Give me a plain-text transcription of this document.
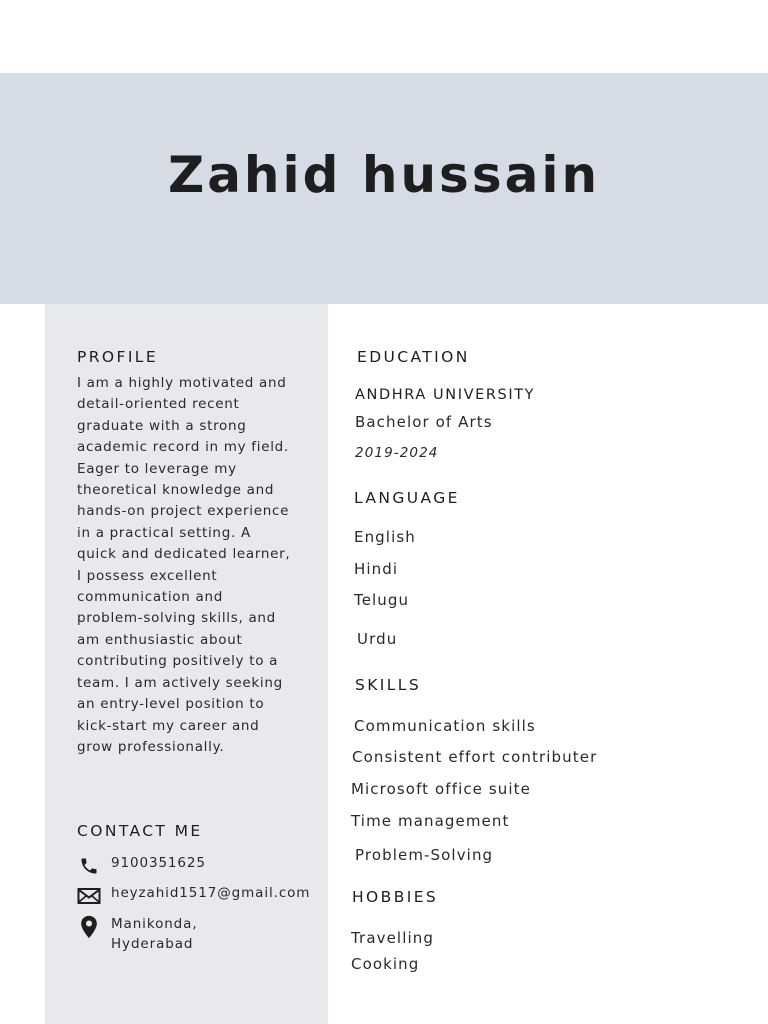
Zahid hussain
PROFILE

I am a highly motivated and detail-oriented recent graduate with a strong academic record in my field. Eager to leverage my theoretical knowledge and hands-on project experience in a practical setting. A quick and dedicated learner, I possess excellent communication and problem-solving skills, and am enthusiastic about contributing positively to a team. I am actively seeking an entry-level position to kick-start my career and grow professionally.

CONTACT ME
9100351625
heyzahid1517@gmail.com
Manikonda,
Hyderabad
EDUCATION

ANDHRA UNIVERSITY

Bachelor of Arts

2019-2024

LANGUAGE

English

Hindi

Telugu

Urdu

SKILLS

Communication skills

Consistent effort contributer

Microsoft office suite

Time management

Problem-Solving

HOBBIES

Travelling

Cooking
